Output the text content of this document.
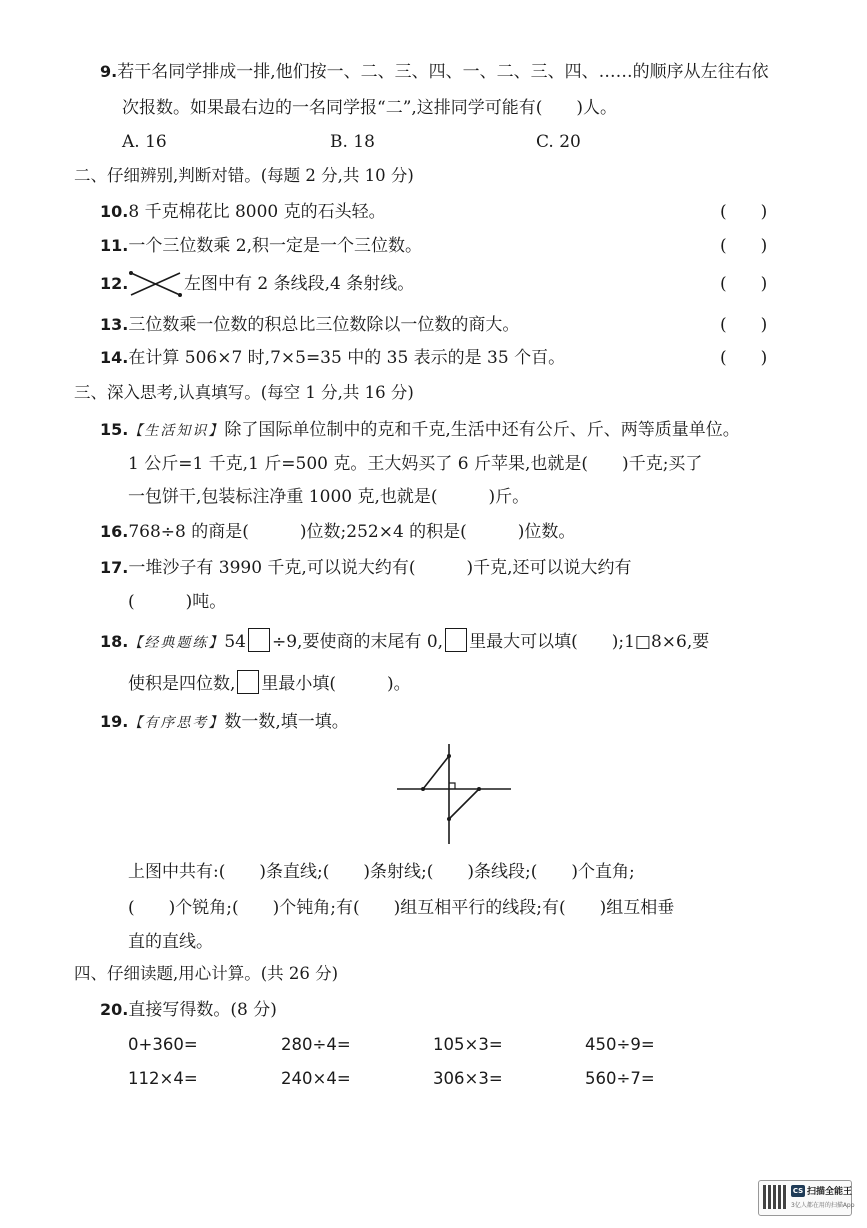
9.若干名同学排成一排,他们按一、二、三、四、一、二、三、四、……的顺序从左往右依
次报数。如果最右边的一名同学报“二”,这排同学可能有(　　)人。
A. 16	B. 18	C. 20
二、仔细辨别,判断对错。(每题 2 分,共 10 分)
10.8 千克棉花比 8000 克的石头轻。	(　　)
11.一个三位数乘 2,积一定是一个三位数。	(　　)
12.	左图中有 2 条线段,4 条射线。	(　　)
13.三位数乘一位数的积总比三位数除以一位数的商大。	(　　)
14.在计算 506×7 时,7×5=35 中的 35 表示的是 35 个百。	(　　)
三、深入思考,认真填写。(每空 1 分,共 16 分)
15.【生活知识】除了国际单位制中的克和千克,生活中还有公斤、斤、两等质量单位。
1 公斤=1 千克,1 斤=500 克。王大妈买了 6 斤苹果,也就是(　　)千克;买了
一包饼干,包装标注净重 1000 克,也就是(　　　)斤。
16.768÷8 的商是(　　　)位数;252×4 的积是(　　　)位数。
17.一堆沙子有 3990 千克,可以说大约有(　　　)千克,还可以说大约有
(　　　)吨。
18.【经典题练】54 ÷9,要使商的末尾有 0, 里最大可以填(　　);1□8×6,要
使积是四位数, 里最小填(　　　)。
19.【有序思考】数一数,填一填。
上图中共有:(　　)条直线;(　　)条射线;(　　)条线段;(　　)个直角;
(　　)个锐角;(　　)个钝角;有(　　)组互相平行的线段;有(　　)组互相垂
直的直线。
四、仔细读题,用心计算。(共 26 分)
20.直接写得数。(8 分)
0+360=	280÷4=	105×3=	450÷9=
112×4=	240×4=	306×3=	560÷7=
CS 扫描全能王
3亿人都在用的扫描App
